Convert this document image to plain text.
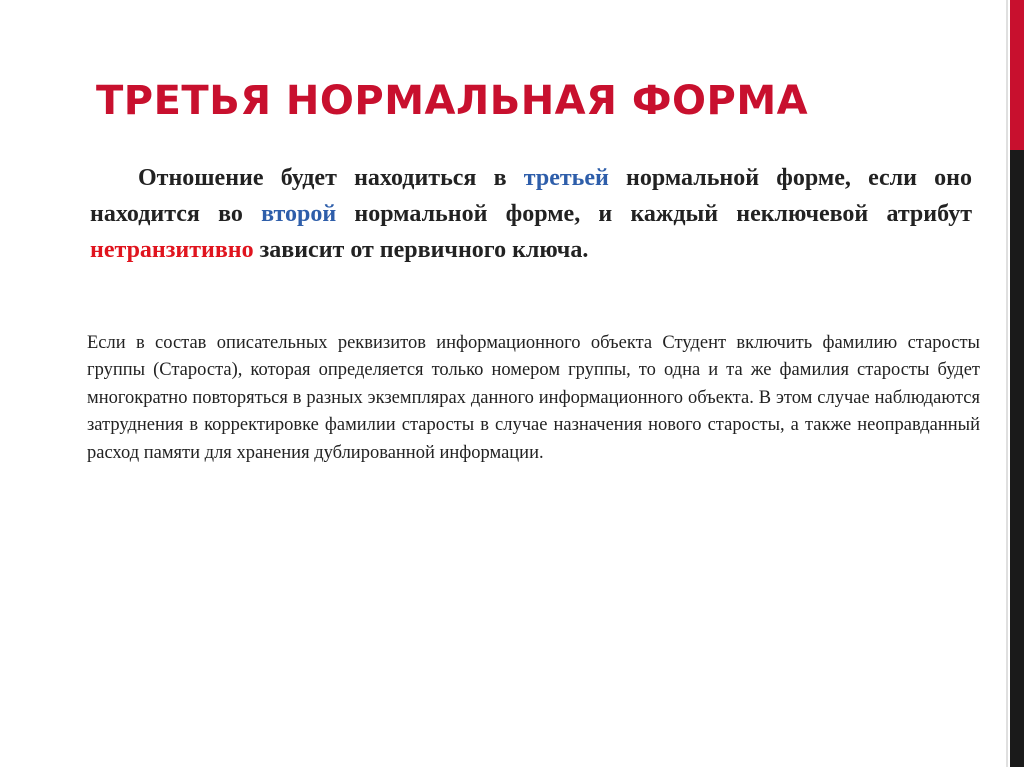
ТРЕТЬЯ НОРМАЛЬНАЯ ФОРМА

Отношение будет находиться в третьей нормальной форме, если оно находится во второй нормальной форме, и каждый неключевой атрибут нетранзитивно зависит от первичного ключа.

Если в состав описательных реквизитов информационного объекта Студент включить фамилию старосты группы (Староста), которая определяется только номером группы, то одна и та же фамилия старосты будет многократно повторяться в разных экземплярах данного информационного объекта. В этом случае наблюдаются затруднения в корректировке фамилии старосты в случае назначения нового старосты, а также неоправданный расход памяти для хранения дублированной информации.
